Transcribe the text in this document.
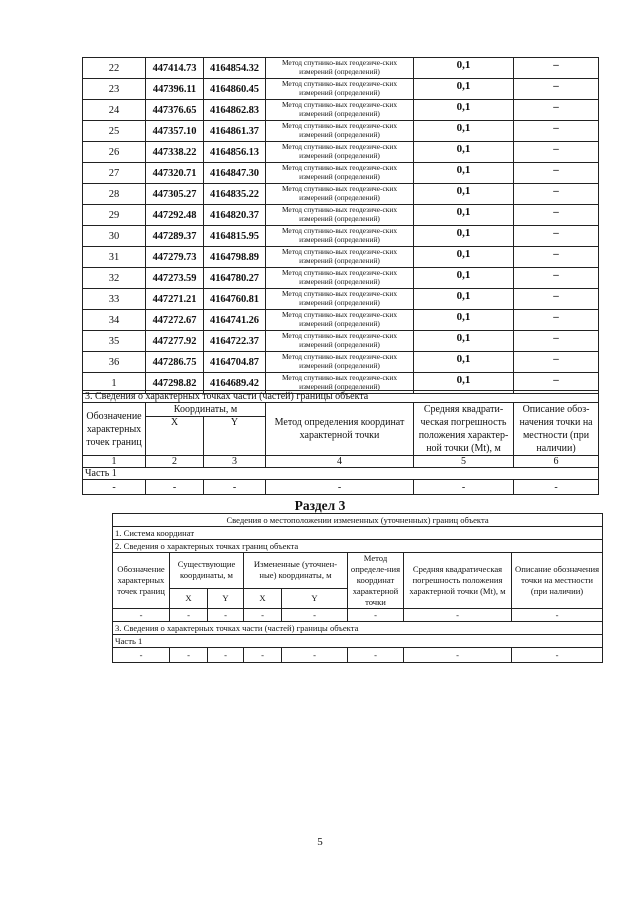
22	447414.73	4164854.32	Метод спутнико-вых геодезиче-ских измерений (определений)	0,1	–
23	447396.11	4164860.45	Метод спутнико-вых геодезиче-ских измерений (определений)	0,1	–
24	447376.65	4164862.83	Метод спутнико-вых геодезиче-ских измерений (определений)	0,1	–
25	447357.10	4164861.37	Метод спутнико-вых геодезиче-ских измерений (определений)	0,1	–
26	447338.22	4164856.13	Метод спутнико-вых геодезиче-ских измерений (определений)	0,1	–
27	447320.71	4164847.30	Метод спутнико-вых геодезиче-ских измерений (определений)	0,1	–
28	447305.27	4164835.22	Метод спутнико-вых геодезиче-ских измерений (определений)	0,1	–
29	447292.48	4164820.37	Метод спутнико-вых геодезиче-ских измерений (определений)	0,1	–
30	447289.37	4164815.95	Метод спутнико-вых геодезиче-ских измерений (определений)	0,1	–
31	447279.73	4164798.89	Метод спутнико-вых геодезиче-ских измерений (определений)	0,1	–
32	447273.59	4164780.27	Метод спутнико-вых геодезиче-ских измерений (определений)	0,1	–
33	447271.21	4164760.81	Метод спутнико-вых геодезиче-ских измерений (определений)	0,1	–
34	447272.67	4164741.26	Метод спутнико-вых геодезиче-ских измерений (определений)	0,1	–
35	447277.92	4164722.37	Метод спутнико-вых геодезиче-ских измерений (определений)	0,1	–
36	447286.75	4164704.87	Метод спутнико-вых геодезиче-ских измерений (определений)	0,1	–
1	447298.82	4164689.42	Метод спутнико-вых геодезиче-ских измерений (определений)	0,1	–
3. Сведения о характерных точках части (частей) границы объекта					
Обозначение характерных точек границ	Координаты, м		Метод определения координат характерной точки	Средняя квадрати-ческая погрешность положения характер-ной точки (Mt), м	Описание обоз-начения точки на местности (при наличии)
	X	Y			
1	2	3	4	5	6
Часть 1					
-	-	-	-	-	-
Раздел 3
Сведения о местоположении измененных (уточненных) границ объекта							
1. Система координат							
2. Сведения о характерных точках границ объекта							
Обозначение характерных точек границ	Существующие координаты, м		Измененные (уточнен-ные) координаты, м		Метод определе-ния координат характерной точки	Средняя квадратическая погрешность положения характерной точки (Mt), м	Описание обозначения точки на местности (при наличии)
	X	Y	X	Y			
-	-	-	-	-	-	-	-
3. Сведения о характерных точках части (частей) границы объекта							
Часть 1							
-	-	-	-	-	-	-	-
5
